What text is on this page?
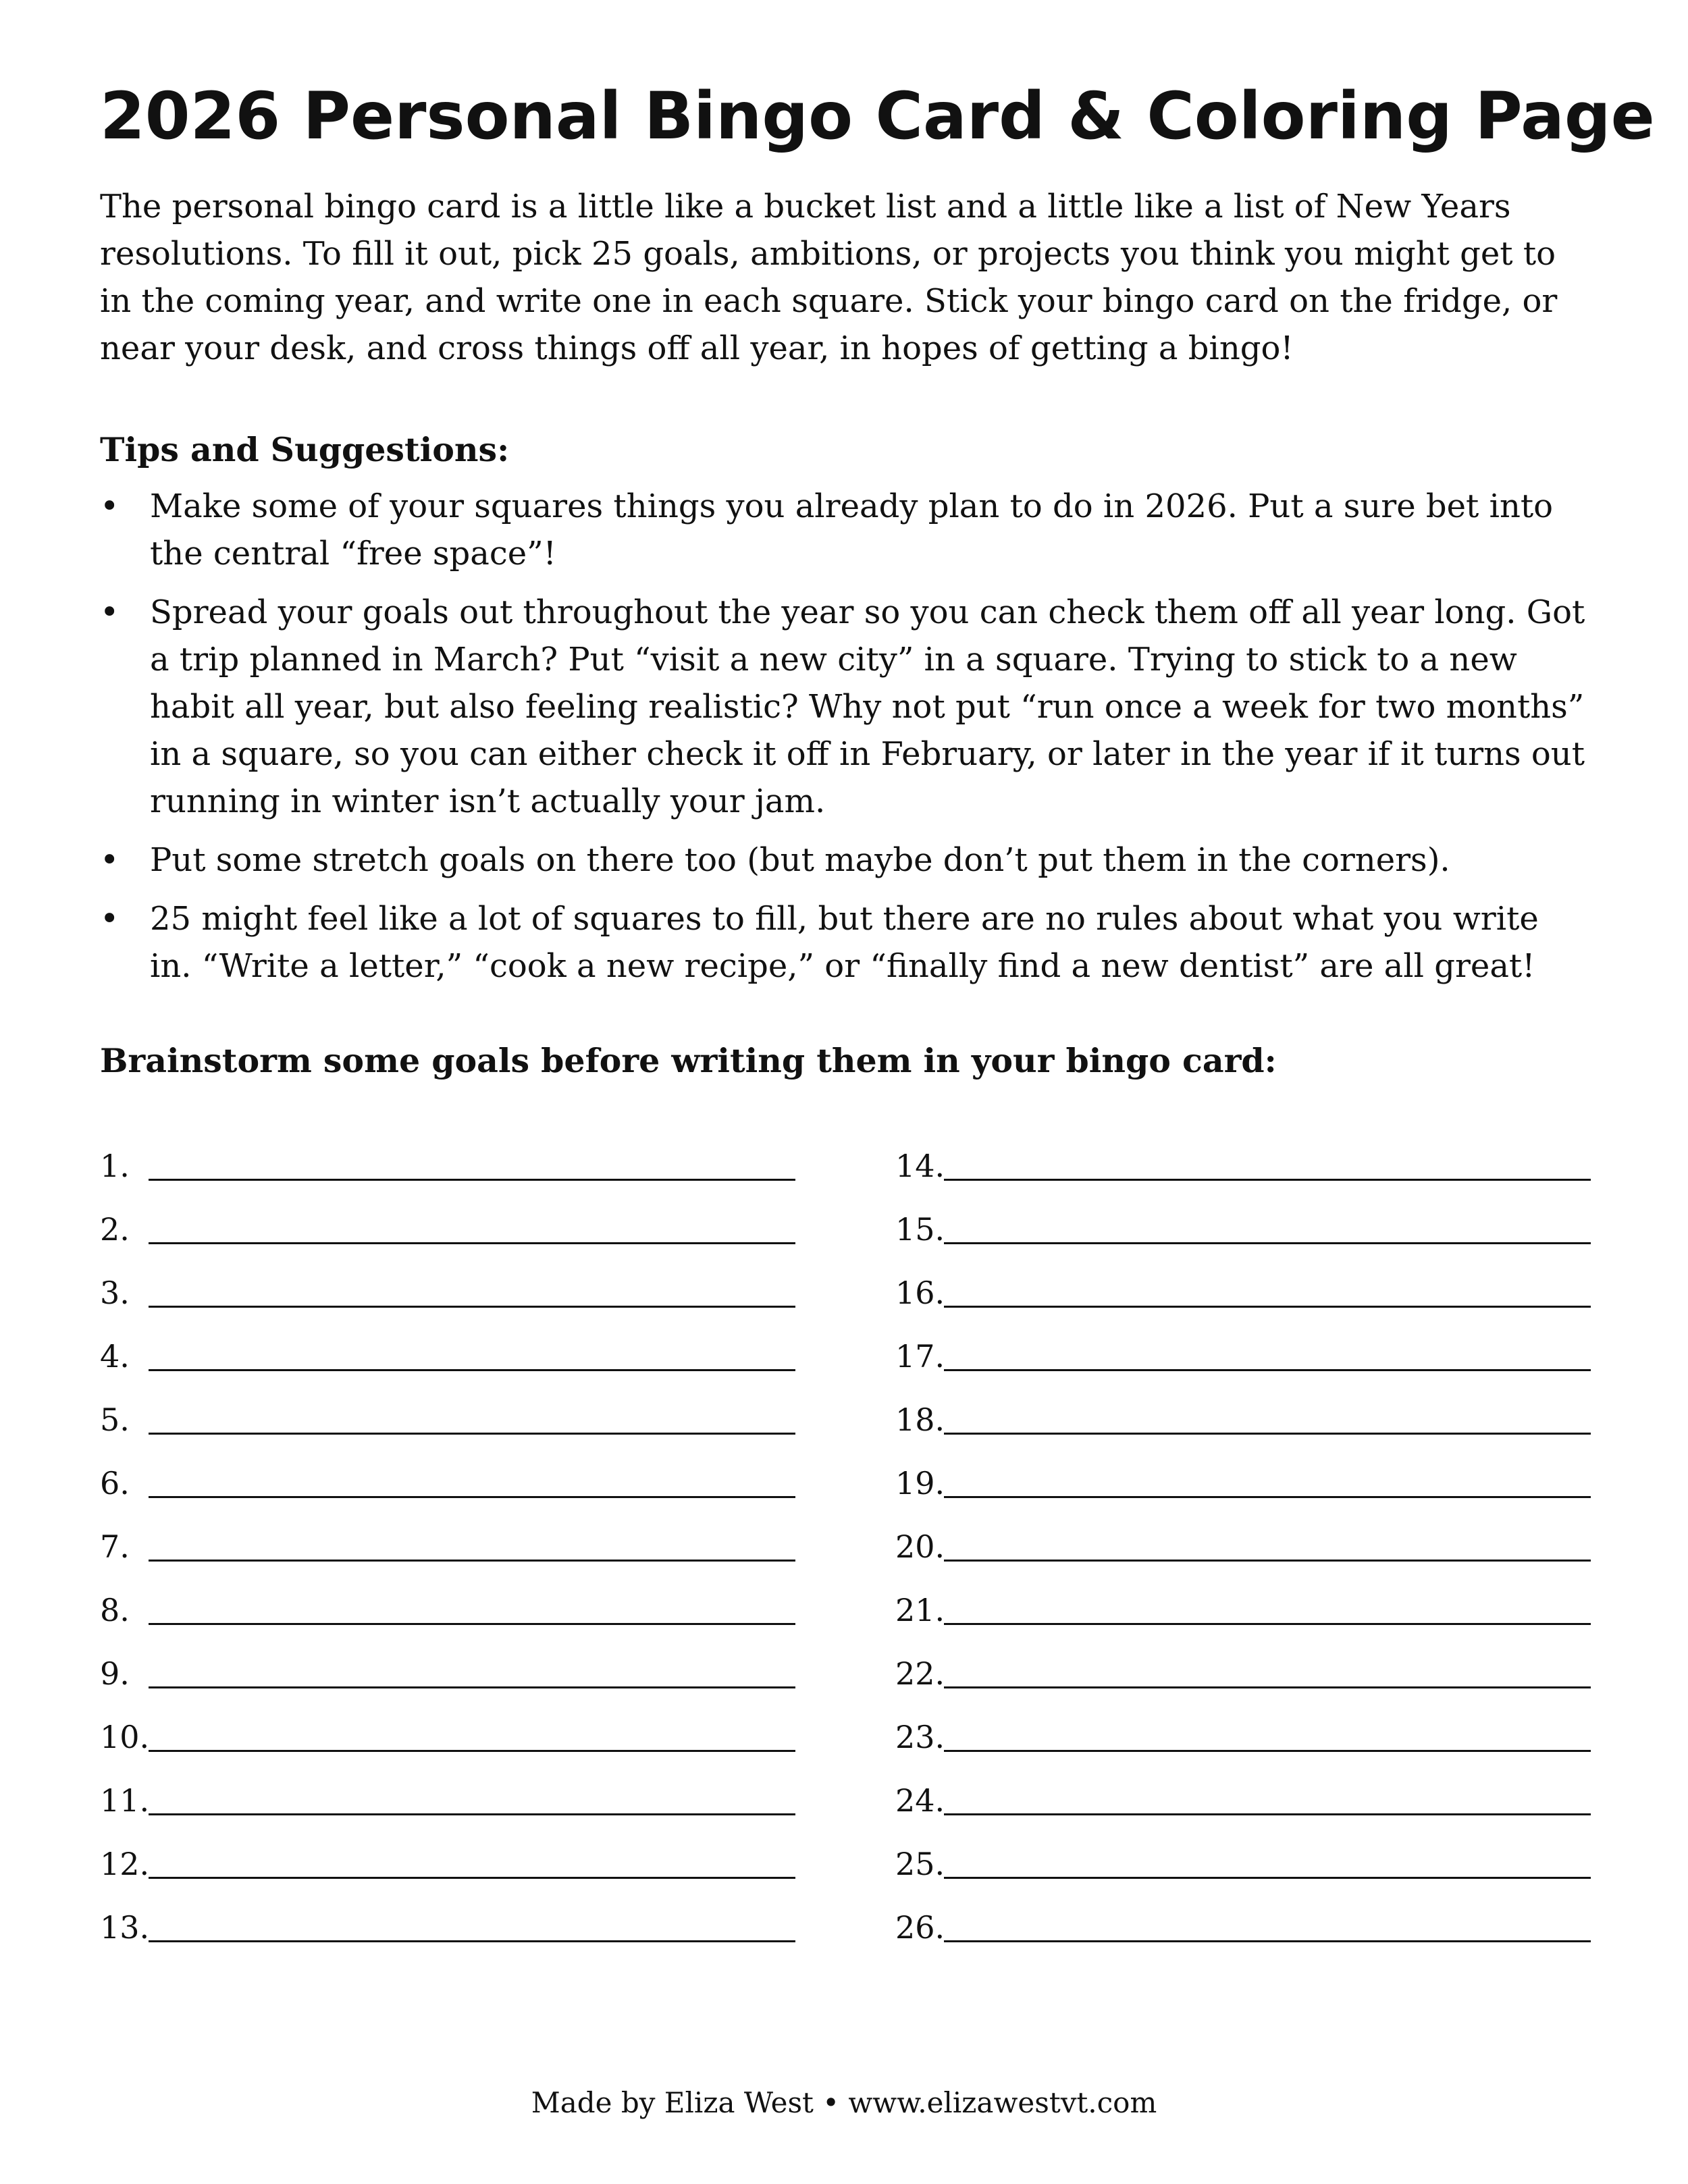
2026 Personal Bingo Card & Coloring Page

The personal bingo card is a little like a bucket list and a little like a list of New Years resolutions. To fill it out, pick 25 goals, ambitions, or projects you think you might get to in the coming year, and write one in each square. Stick your bingo card on the fridge, or near your desk, and cross things off all year, in hopes of getting a bingo!

Tips and Suggestions:

• Make some of your squares things you already plan to do in 2026. Put a sure bet into the central “free space”!
• Spread your goals out throughout the year so you can check them off all year long. Got a trip planned in March? Put “visit a new city” in a square. Trying to stick to a new habit all year, but also feeling realistic? Why not put “run once a week for two months” in a square, so you can either check it off in February, or later in the year if it turns out running in winter isn’t actually your jam.
• Put some stretch goals on there too (but maybe don’t put them in the corners).
• 25 might feel like a lot of squares to fill, but there are no rules about what you write in. “Write a letter,” “cook a new recipe,” or “finally find a new dentist” are all great!

Brainstorm some goals before writing them in your bingo card:

1.
2.
3.
4.
5.
6.
7.
8.
9.
10.
11.
12.
13.
14.
15.
16.
17.
18.
19.
20.
21.
22.
23.
24.
25.
26.
Made by Eliza West • www.elizawestvt.com
